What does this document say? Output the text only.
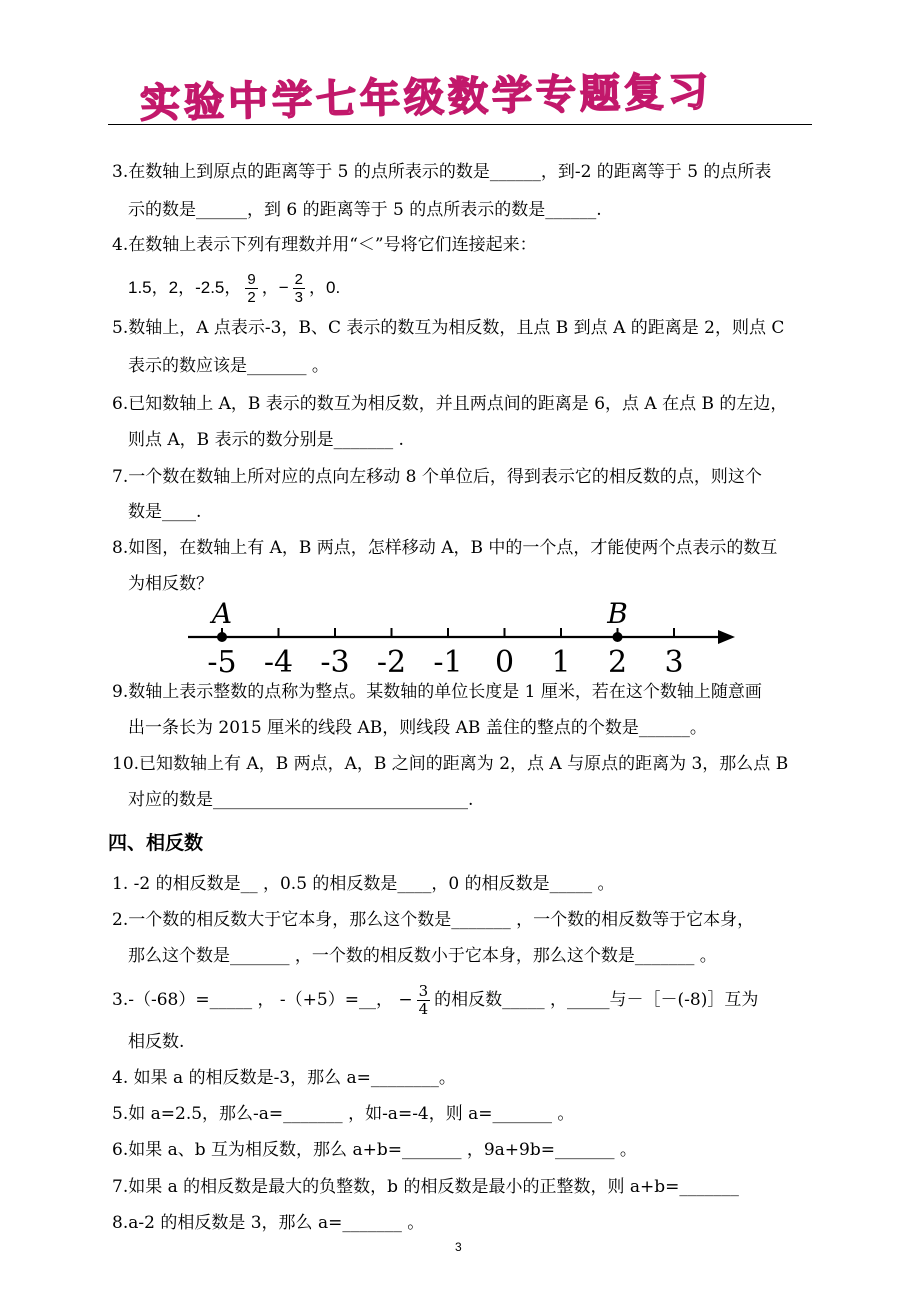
实验中学七年级数学专题复习
3.在数轴上到原点的距离等于 5 的点所表示的数是______，到-2 的距离等于 5 的点所表
示的数是______，到 6 的距离等于 5 的点所表示的数是______.
4.在数轴上表示下列有理数并用“＜”号将它们连接起来：
1.5，2，-2.5， $\frac{9}{2}$ ，− $\frac{2}{3}$ ，0.
5.数轴上，A 点表示-3，B、C 表示的数互为相反数，且点 B 到点 A 的距离是 2，则点 C
表示的数应该是_______ 。
6.已知数轴上 A，B 表示的数互为相反数，并且两点间的距离是 6，点 A 在点 B 的左边，
则点 A，B 表示的数分别是_______ .
7.一个数在数轴上所对应的点向左移动 8 个单位后，得到表示它的相反数的点，则这个
数是____.
8.如图，在数轴上有 A，B 两点，怎样移动 A，B 中的一个点，才能使两个点表示的数互
为相反数？
-5 -4 -3 -2 -1 0 1 2 3
A	B
9.数轴上表示整数的点称为整点。某数轴的单位长度是 1 厘米，若在这个数轴上随意画
出一条长为 2015 厘米的线段 AB，则线段 AB 盖住的整点的个数是______。
10.已知数轴上有 A，B 两点，A，B 之间的距离为 2，点 A 与原点的距离为 3，那么点 B
对应的数是______________________________.
四、相反数
1. -2 的相反数是__ ，0.5 的相反数是____，0 的相反数是_____ 。
2.一个数的相反数大于它本身，那么这个数是_______ ，一个数的相反数等于它本身，
那么这个数是_______ ，一个数的相反数小于它本身，那么这个数是_______ 。
3.-（-68）=_____ ， -（+5）=__， − $\frac{3}{4}$ 的相反数_____ ，_____与－［－(-8)］互为
相反数.
4. 如果 a 的相反数是-3，那么 a=________。
5.如 a=2.5，那么-a=_______ ，如-a=-4，则 a=_______ 。
6.如果 a、b 互为相反数，那么 a+b=_______ ，9a+9b=_______ 。
7.如果 a 的相反数是最大的负整数，b 的相反数是最小的正整数，则 a+b=_______
8.a-2 的相反数是 3，那么 a=_______ 。
3
